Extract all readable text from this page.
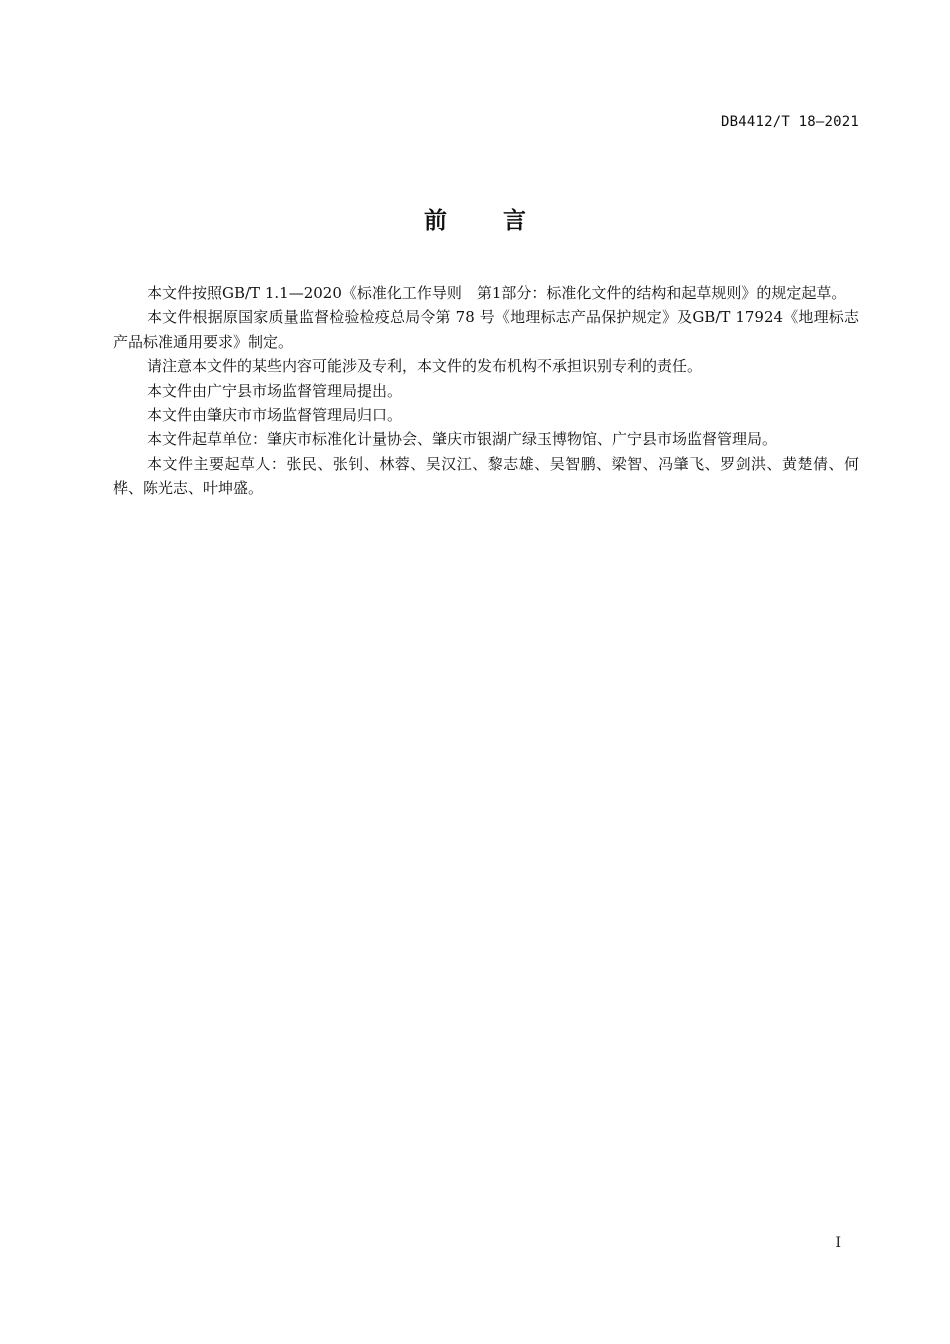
DB4412/T 18—2021
前言

本文件按照GB/T 1.1—2020《标准化工作导则　第1部分：标准化文件的结构和起草规则》的规定起草。

本文件根据原国家质量监督检验检疫总局令第 78 号《地理标志产品保护规定》及GB/T 17924《地理标志产品标准通用要求》制定。

请注意本文件的某些内容可能涉及专利，本文件的发布机构不承担识别专利的责任。

本文件由广宁县市场监督管理局提出。

本文件由肇庆市市场监督管理局归口。

本文件起草单位：肇庆市标准化计量协会、肇庆市银湖广绿玉博物馆、广宁县市场监督管理局。

本文件主要起草人：张民、张钊、林蓉、吴汉江、黎志雄、吴智鹏、梁智、冯肇飞、罗剑洪、黄楚倩、何桦、陈光志、叶坤盛。

I
